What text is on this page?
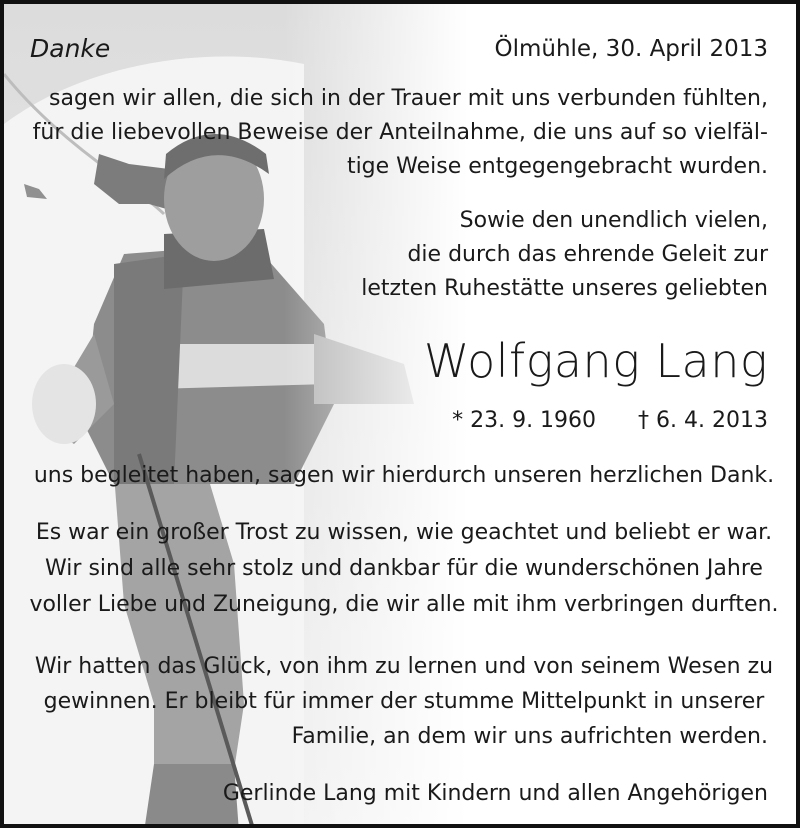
Danke	Ölmühle, 30. April 2013
sagen wir allen, die sich in der Trauer mit uns verbunden fühlten,
für die liebevollen Beweise der Anteilnahme, die uns auf so vielfäl-
tige Weise entgegengebracht wurden.
Sowie den unendlich vielen,
die durch das ehrende Geleit zur
letzten Ruhestätte unseres geliebten
Wolfgang Lang
* 23. 9. 1960 † 6. 4. 2013
uns begleitet haben, sagen wir hierdurch unseren herzlichen Dank.
Es war ein großer Trost zu wissen, wie geachtet und beliebt er war.
Wir sind alle sehr stolz und dankbar für die wunderschönen Jahre
voller Liebe und Zuneigung, die wir alle mit ihm verbringen durften.
Wir hatten das Glück, von ihm zu lernen und von seinem Wesen zu
gewinnen. Er bleibt für immer der stumme Mittelpunkt in unserer
Familie, an dem wir uns aufrichten werden.
Gerlinde Lang mit Kindern und allen Angehörigen
